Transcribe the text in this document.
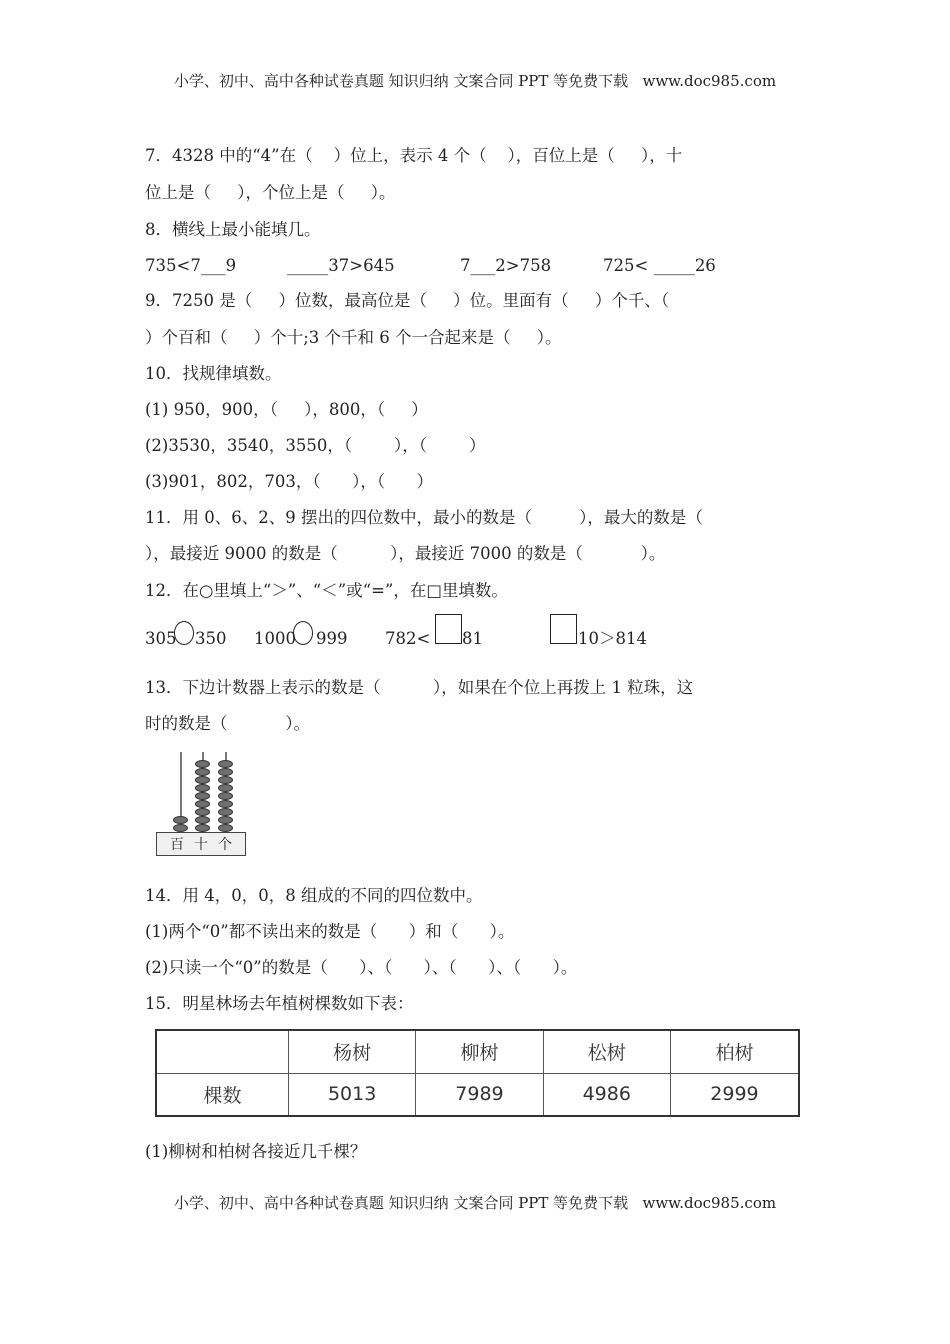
小学、初中、高中各种试卷真题 知识归纳 文案合同 PPT 等免费下载   www.doc985.com
7．4328 中的“4”在（    ）位上，表示 4 个（    ），百位上是（     ），十
位上是（     ），个位上是（     ）。
8．横线上最小能填几。
735<7___9	_____37>645	7___2>758	725< _____26
9．7250 是（     ）位数，最高位是（     ）位。里面有（     ）个千、（
）个百和（     ）个十;3 个千和 6 个一合起来是（     ）。
10．找规律填数。
(1) 950，900，（     ），800，（     ）
(2)3530，3540，3550，（        ），（        ）
(3)901，802，703，（      ），（      ）
11．用 0、6、2、9 摆出的四位数中，最小的数是（         ），最大的数是（
），最接近 9000 的数是（          ），最接近 7000 的数是（           ）。
12．在○里填上“＞”、“＜”或“=”，在□里填数。
305 350 1000 999 782< 81	10＞814
13．下边计数器上表示的数是（          ），如果在个位上再拨上 1 粒珠，这
时的数是（           ）。
百 十 个
14．用 4，0，0，8 组成的不同的四位数中。
(1)两个“0”都不读出来的数是（      ）和（      ）。
(2)只读一个“0”的数是（      ）、（      ）、（      ）、（      ）。
15．明星林场去年植树棵数如下表：
	杨树	柳树	松树	柏树
棵数	5013	7989	4986	2999
(1)柳树和柏树各接近几千棵？
小学、初中、高中各种试卷真题 知识归纳 文案合同 PPT 等免费下载   www.doc985.com
